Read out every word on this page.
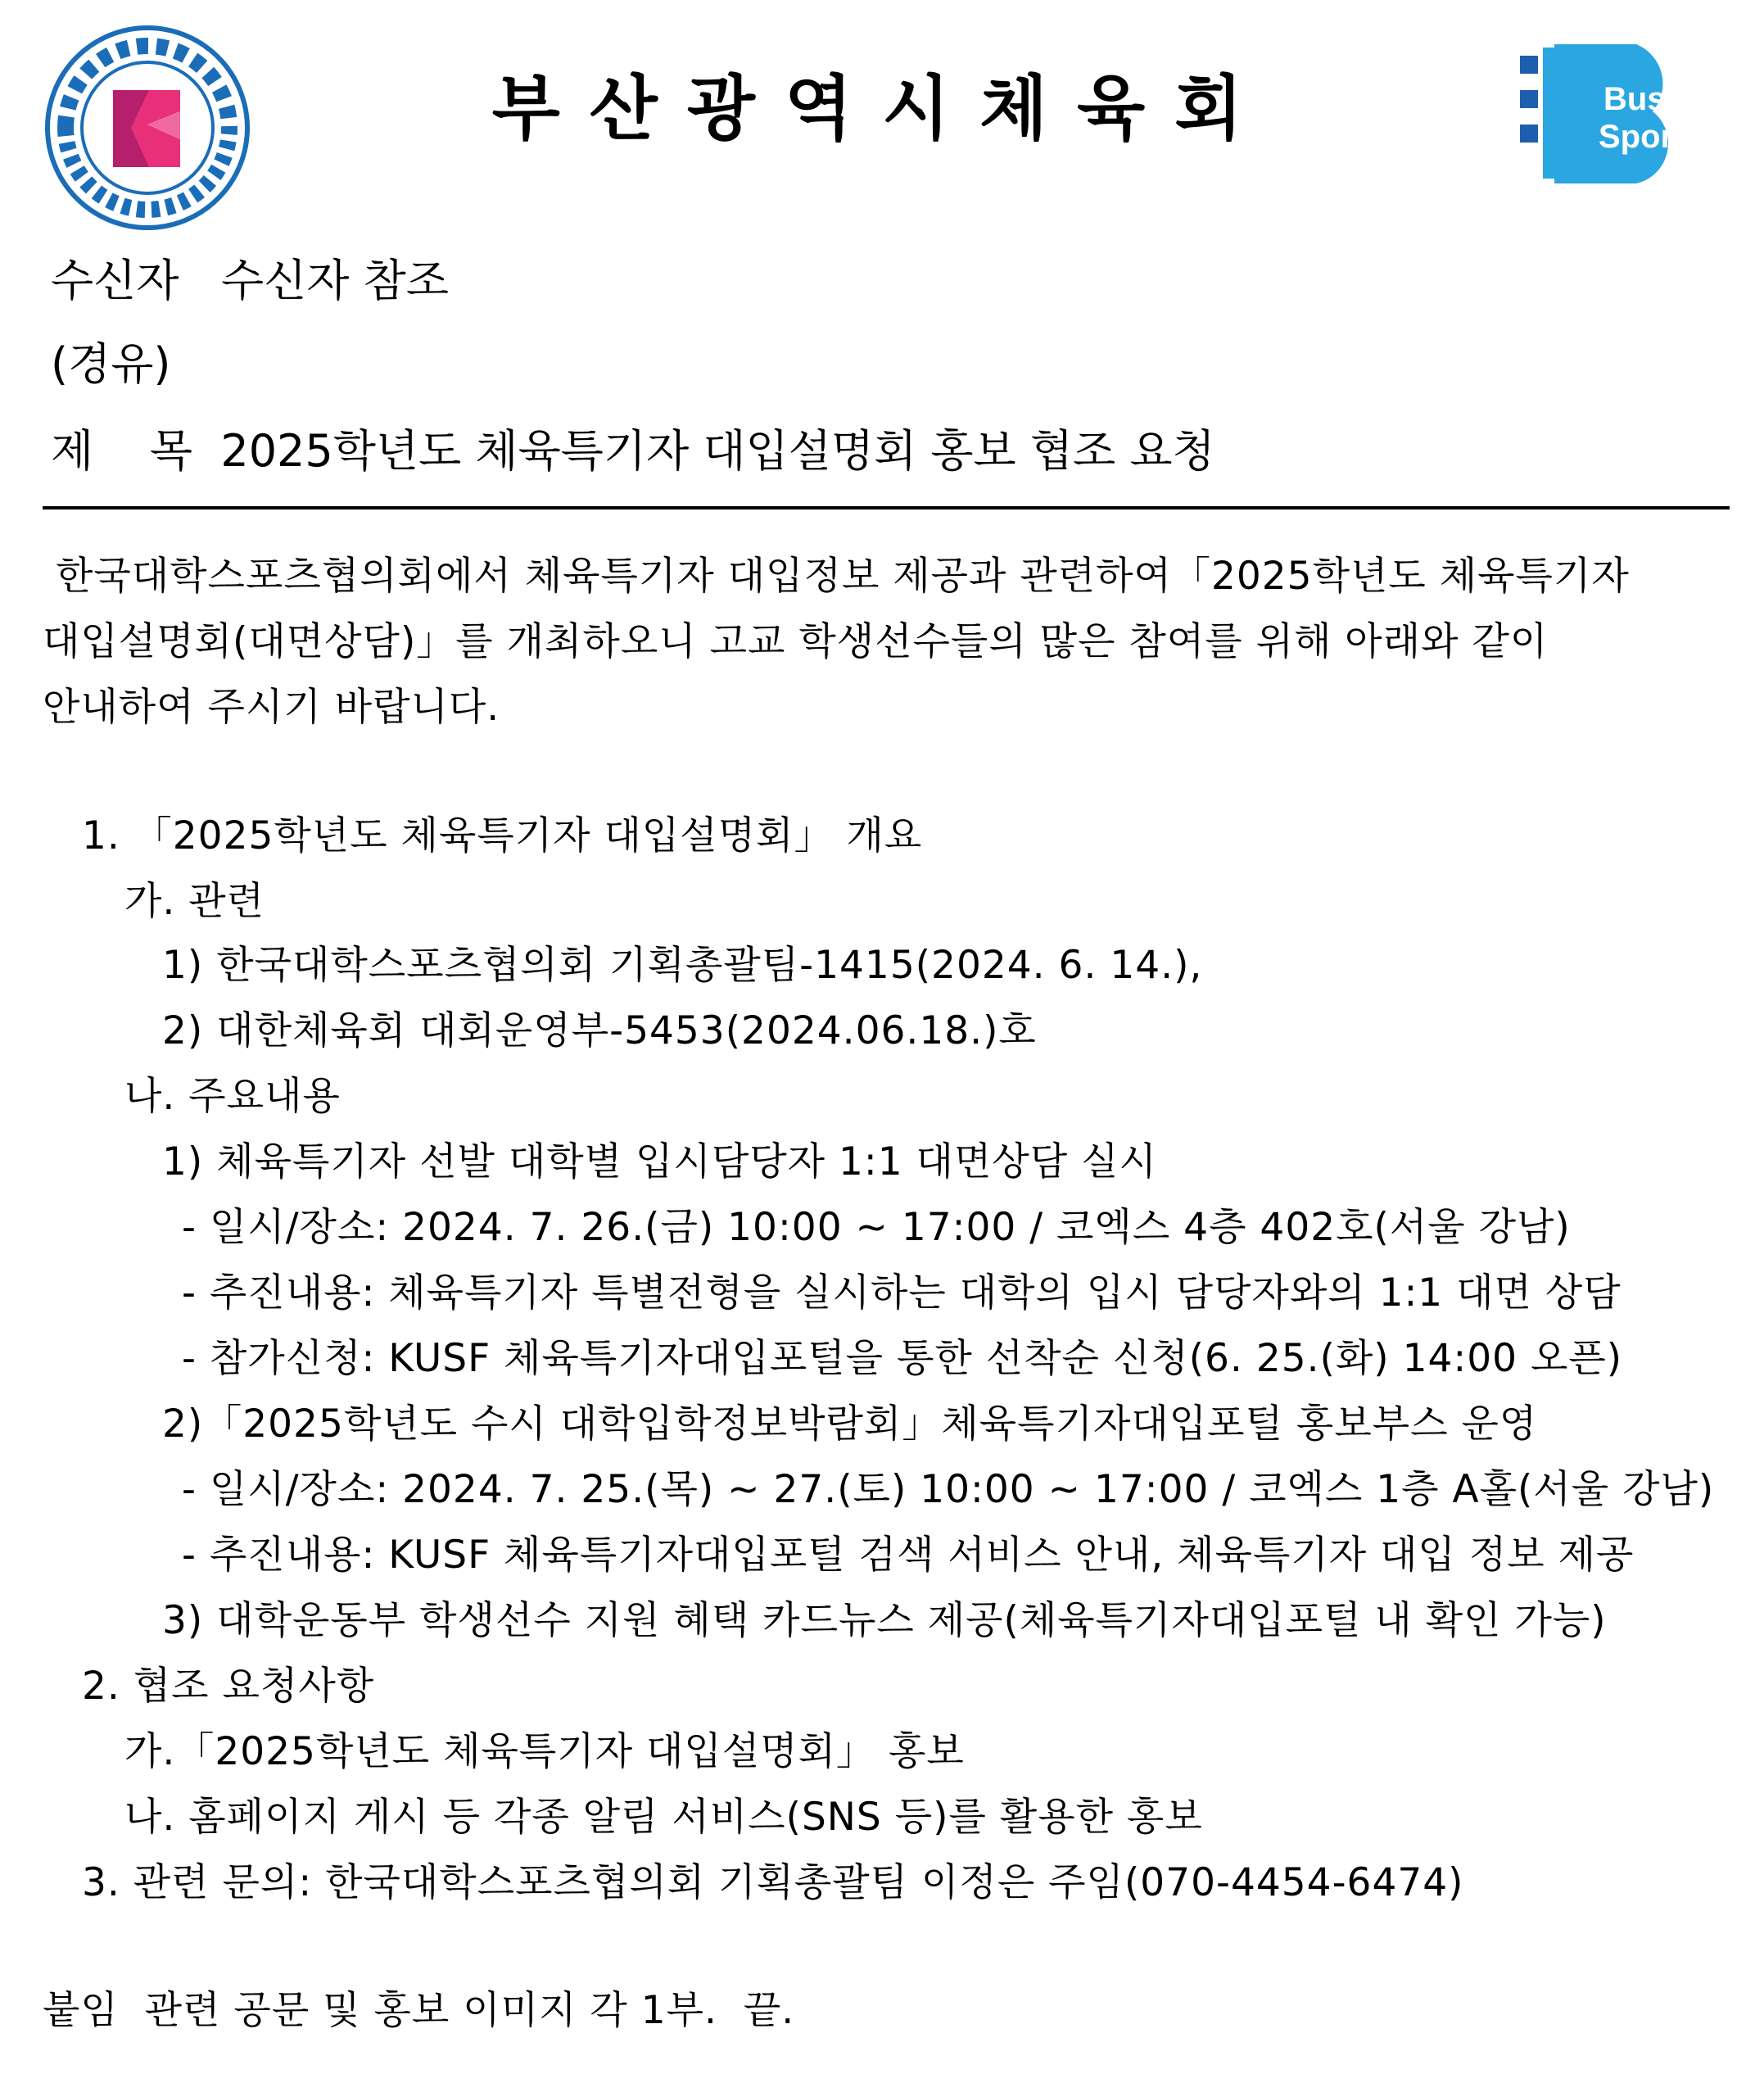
부산광역시체육회	Busan
Sports
수신자 수신자 참조
(경유)
제    목 2025학년도 체육특기자 대입설명회 홍보 협조 요청
한국대학스포츠협의회에서 체육특기자 대입정보 제공과 관련하여「2025학년도 체육특기자
대입설명회(대면상담)」를 개최하오니 고교 학생선수들의 많은 참여를 위해 아래와 같이
안내하여 주시기 바랍니다.
1. 「2025학년도 체육특기자 대입설명회」 개요
가. 관련
1) 한국대학스포츠협의회 기획총괄팀-1415(2024. 6. 14.),
2) 대한체육회 대회운영부-5453(2024.06.18.)호
나. 주요내용
1) 체육특기자 선발 대학별 입시담당자 1:1 대면상담 실시
- 일시/장소: 2024. 7. 26.(금) 10:00 ~ 17:00 / 코엑스 4층 402호(서울 강남)
- 추진내용: 체육특기자 특별전형을 실시하는 대학의 입시 담당자와의 1:1 대면 상담
- 참가신청: KUSF 체육특기자대입포털을 통한 선착순 신청(6. 25.(화) 14:00 오픈)
2)「2025학년도 수시 대학입학정보박람회」체육특기자대입포털 홍보부스 운영
- 일시/장소: 2024. 7. 25.(목) ~ 27.(토) 10:00 ~ 17:00 / 코엑스 1층 A홀(서울 강남)
- 추진내용: KUSF 체육특기자대입포털 검색 서비스 안내, 체육특기자 대입 정보 제공
3) 대학운동부 학생선수 지원 혜택 카드뉴스 제공(체육특기자대입포털 내 확인 가능)
2. 협조 요청사항
가.「2025학년도 체육특기자 대입설명회」 홍보
나. 홈페이지 게시 등 각종 알림 서비스(SNS 등)를 활용한 홍보
3. 관련 문의: 한국대학스포츠협의회 기획총괄팀 이정은 주임(070-4454-6474)
붙임  관련 공문 및 홍보 이미지 각 1부.  끝.
